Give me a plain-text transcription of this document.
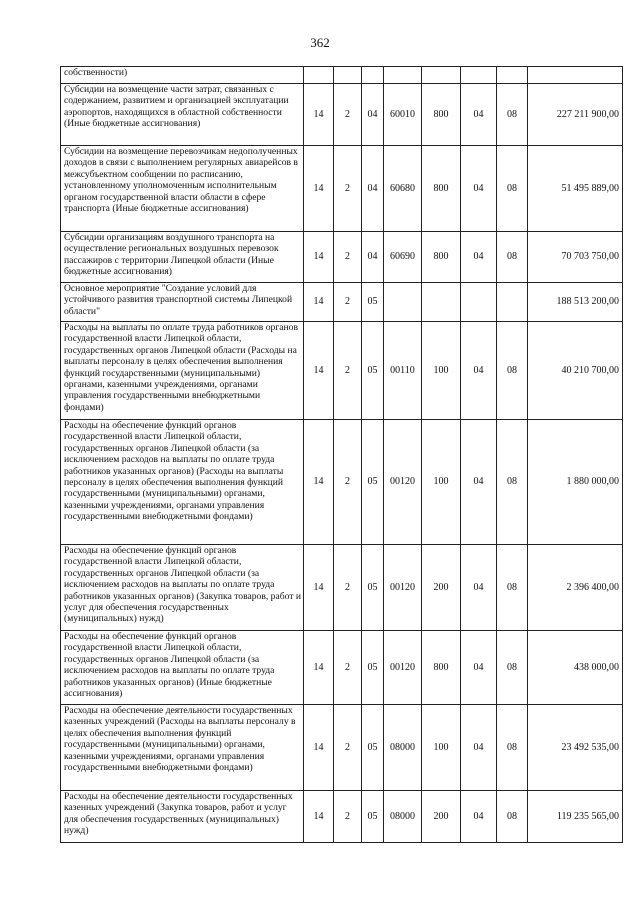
362
собственности)								
Субсидии на возмещение части затрат, связанных с содержанием, развитием и организацией эксплуатации аэропортов, находящихся в областной собственности (Иные бюджетные ассигнования)	14	2	04	60010	800	04	08	227 211 900,00
Субсидии на возмещение перевозчикам недополученных доходов в связи с выполнением регулярных авиарейсов в межсубъектном сообщении по расписанию, установленному уполномоченным исполнительным органом государственной власти области в сфере транспорта (Иные бюджетные ассигнования)	14	2	04	60680	800	04	08	51 495 889,00
Субсидии организациям воздушного транспорта на осуществление региональных воздушных перевозок пассажиров с территории Липецкой области (Иные бюджетные ассигнования)	14	2	04	60690	800	04	08	70 703 750,00
Основное мероприятие "Создание условий для устойчивого развития транспортной системы Липецкой области"	14	2	05					188 513 200,00
Расходы на выплаты по оплате труда работников органов государственной власти Липецкой области, государственных органов Липецкой области (Расходы на выплаты персоналу в целях обеспечения выполнения функций государственными (муниципальными) органами, казенными учреждениями, органами управления государственными внебюджетными фондами)	14	2	05	00110	100	04	08	40 210 700,00
Расходы на обеспечение функций органов государственной власти Липецкой области, государственных органов Липецкой области (за исключением расходов на выплаты по оплате труда работников указанных органов) (Расходы на выплаты персоналу в целях обеспечения выполнения функций государственными (муниципальными) органами, казенными учреждениями, органами управления государственными внебюджетными фондами)	14	2	05	00120	100	04	08	1 880 000,00
Расходы на обеспечение функций органов государственной власти Липецкой области, государственных органов Липецкой области (за исключением расходов на выплаты по оплате труда работников указанных органов) (Закупка товаров, работ и услуг для обеспечения государственных (муниципальных) нужд)	14	2	05	00120	200	04	08	2 396 400,00
Расходы на обеспечение функций органов государственной власти Липецкой области, государственных органов Липецкой области (за исключением расходов на выплаты по оплате труда работников указанных органов) (Иные бюджетные ассигнования)	14	2	05	00120	800	04	08	438 000,00
Расходы на обеспечение деятельности государственных казенных учреждений (Расходы на выплаты персоналу в целях обеспечения выполнения функций государственными (муниципальными) органами, казенными учреждениями, органами управления государственными внебюджетными фондами)	14	2	05	08000	100	04	08	23 492 535,00
Расходы на обеспечение деятельности государственных казенных учреждений (Закупка товаров, работ и услуг для обеспечения государственных (муниципальных) нужд)	14	2	05	08000	200	04	08	119 235 565,00
